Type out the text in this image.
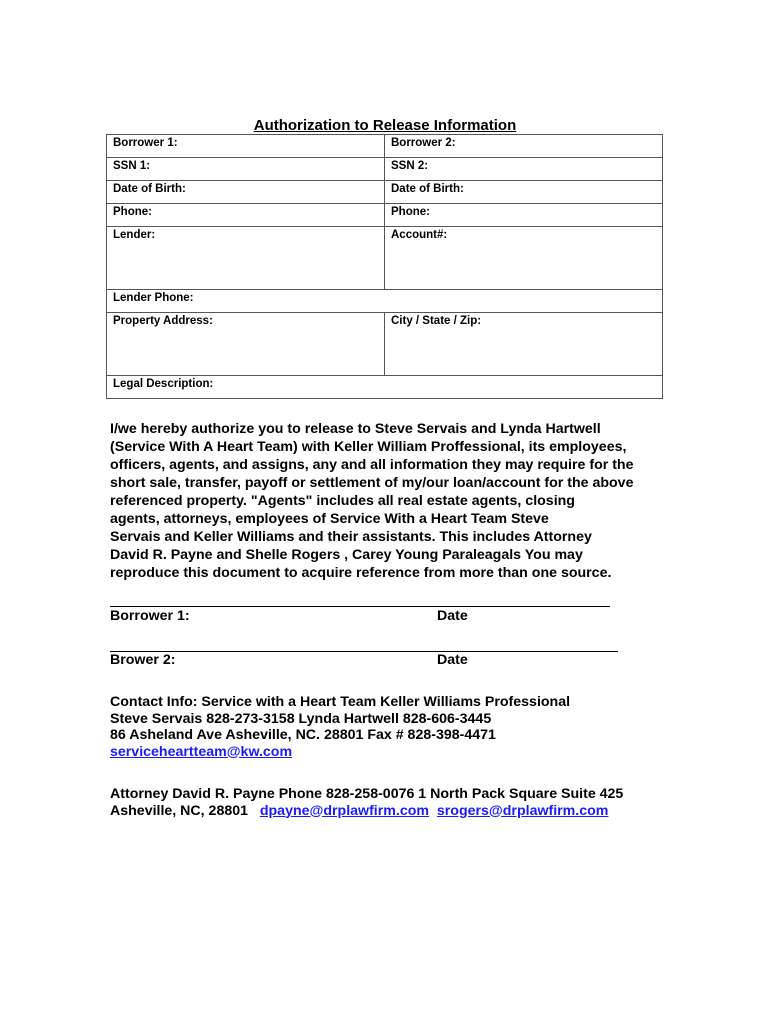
Authorization to Release Information
Borrower 1:	Borrower 2:
SSN 1:	SSN 2:
Date of Birth:	Date of Birth:
Phone:	Phone:
Lender:	Account#:
Lender Phone:	
Property Address:	City / State / Zip:
Legal Description:	
I/we hereby authorize you to release to Steve Servais and Lynda Hartwell
(Service With A Heart Team) with Keller William Proffessional, its employees,
officers, agents, and assigns, any and all information they may require for the
short sale, transfer, payoff or settlement of my/our loan/account for the above
referenced property. "Agents" includes all real estate agents, closing
agents, attorneys, employees of Service With a Heart Team Steve
Servais and Keller Williams and their assistants. This includes Attorney
David R. Payne and Shelle Rogers , Carey Young Paraleagals You may
reproduce this document to acquire reference from more than one source.
Borrower 1:	Date
Brower 2:	Date
Contact Info: Service with a Heart Team Keller Williams Professional
Steve Servais 828-273-3158 Lynda Hartwell 828-606-3445
86 Asheland Ave Asheville, NC. 28801 Fax # 828-398-4471
serviceheartteam@kw.com
Attorney David R. Payne Phone 828-258-0076 1 North Pack Square Suite 425
Asheville, NC, 28801 dpayne@drplawfirm.com srogers@drplawfirm.com
